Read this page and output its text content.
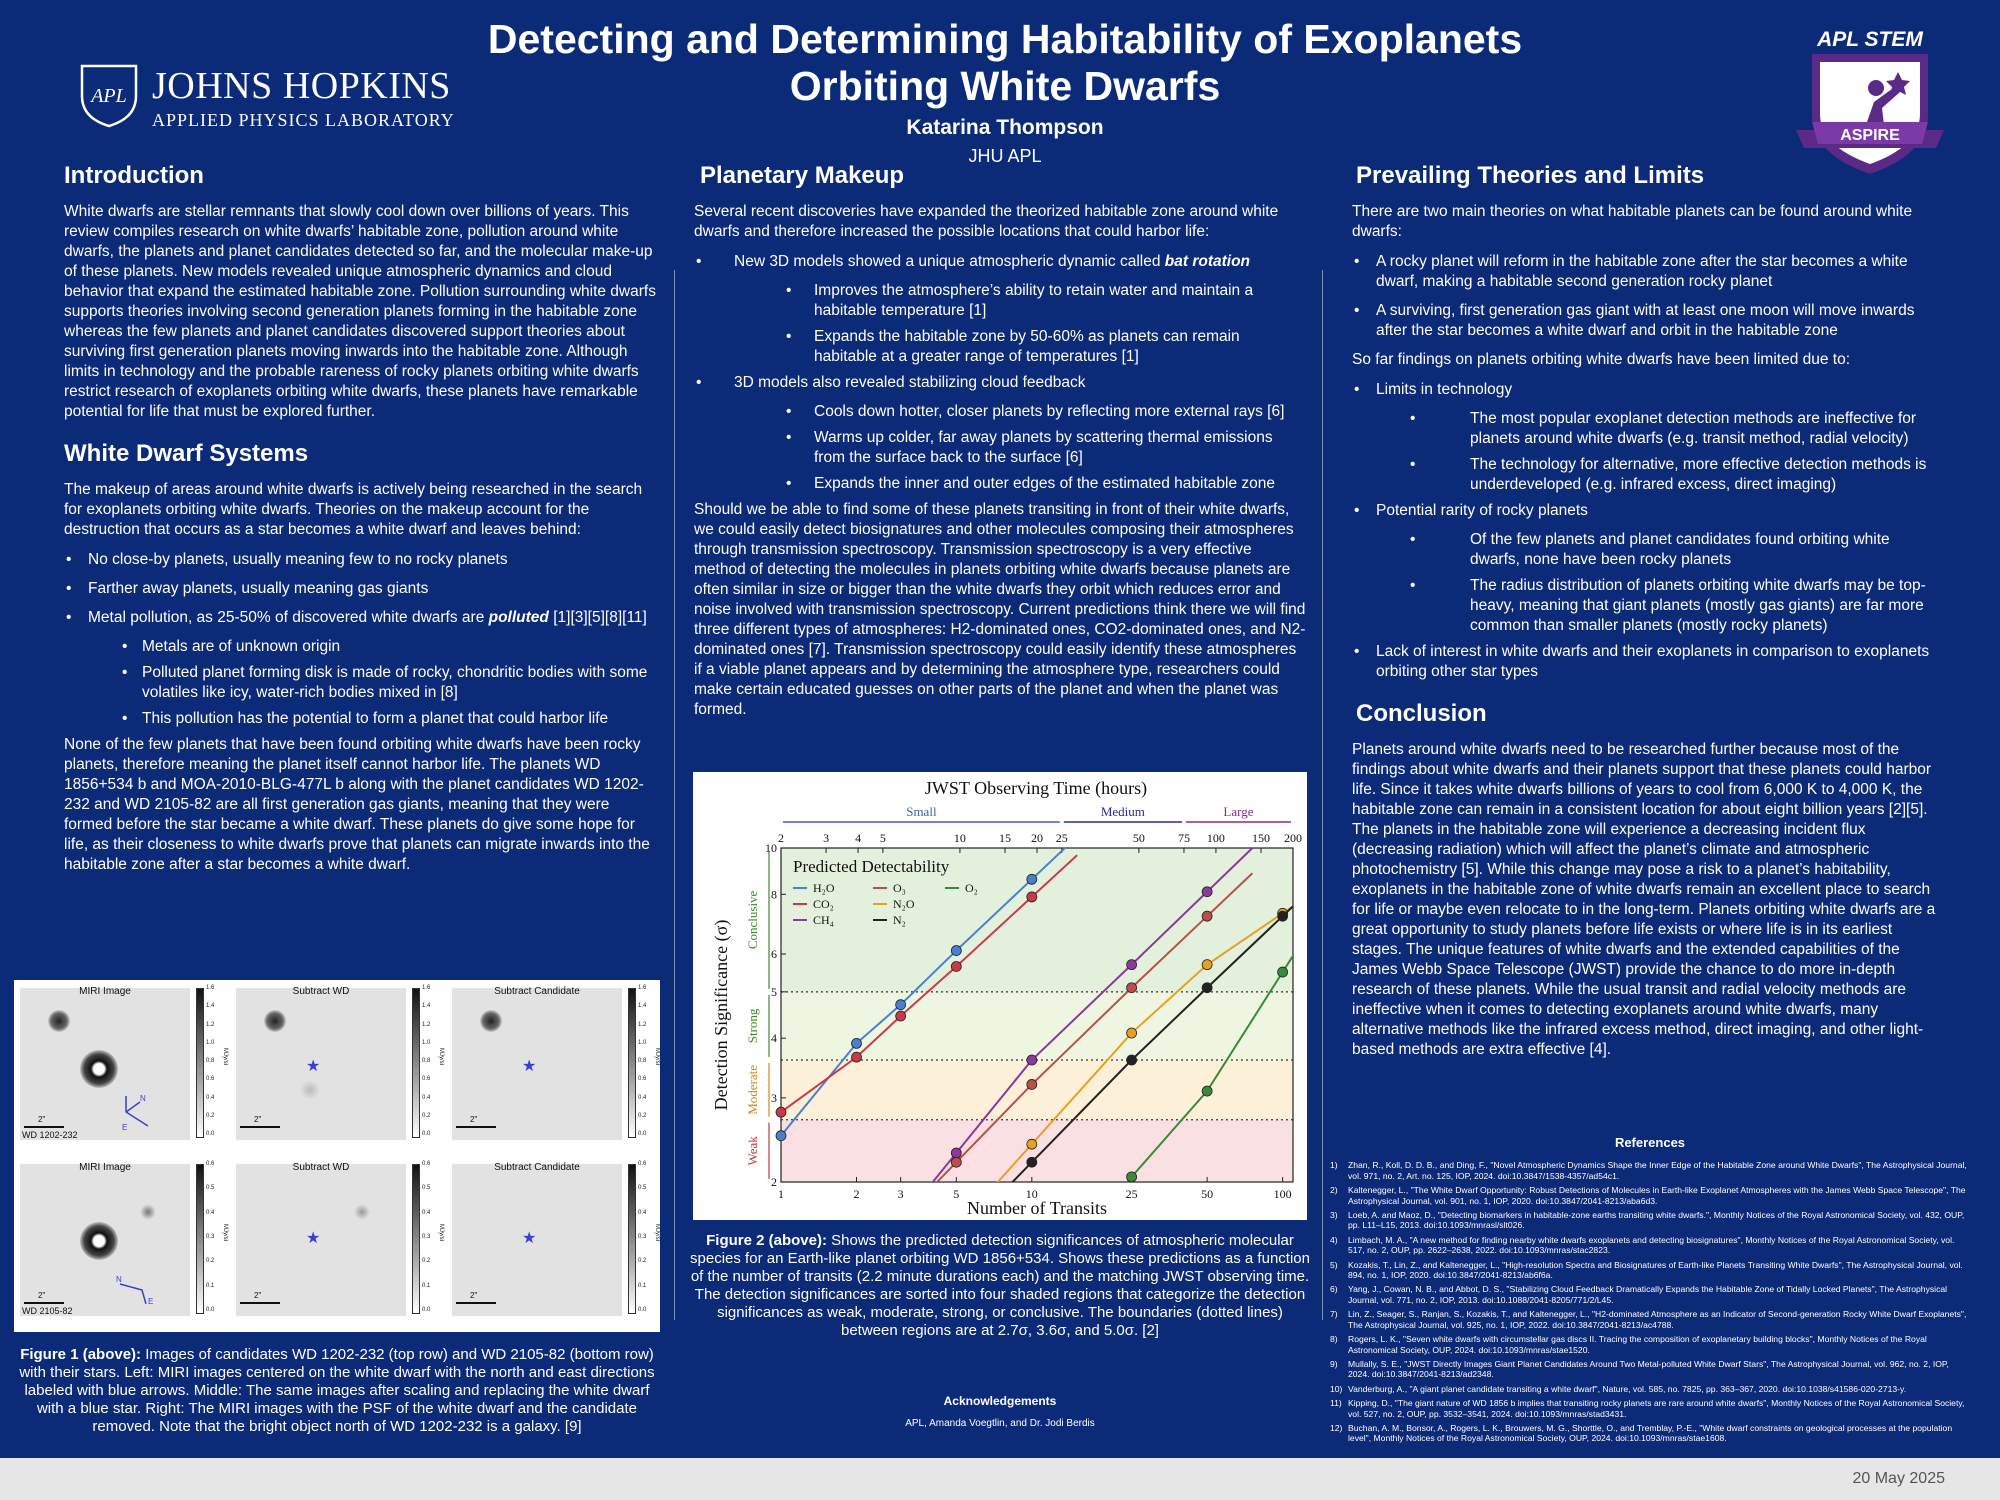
APL JOHNS HOPKINS
APPLIED PHYSICS LABORATORY
Detecting and Determining Habitability of Exoplanets Orbiting White Dwarfs
Katarina Thompson
JHU APL
APL STEM
ASPIRE
Introduction

White dwarfs are stellar remnants that slowly cool down over billions of years. This review compiles research on white dwarfs’ habitable zone, pollution around white dwarfs, the planets and planet candidates detected so far, and the molecular make-up of these planets. New models revealed unique atmospheric dynamics and cloud behavior that expand the estimated habitable zone. Pollution surrounding white dwarfs supports theories involving second generation planets forming in the habitable zone whereas the few planets and planet candidates discovered support theories about surviving first generation planets moving inwards into the habitable zone. Although limits in technology and the probable rareness of rocky planets orbiting white dwarfs restrict research of exoplanets orbiting white dwarfs, these planets have remarkable potential for life that must be explored further.

White Dwarf Systems

The makeup of areas around white dwarfs is actively being researched in the search for exoplanets orbiting white dwarfs. Theories on the makeup account for the destruction that occurs as a star becomes a white dwarf and leaves behind:

• No close-by planets, usually meaning few to no rocky planets
• Farther away planets, usually meaning gas giants
• Metal pollution, as 25-50% of discovered white dwarfs are polluted [1][3][5][8][11]
• Metals are of unknown origin
• Polluted planet forming disk is made of rocky, chondritic bodies with some volatiles like icy, water-rich bodies mixed in [8]
• This pollution has the potential to form a planet that could harbor life

None of the few planets that have been found orbiting white dwarfs have been rocky planets, therefore meaning the planet itself cannot harbor life. The planets WD 1856+534 b and MOA-2010-BLG-477L b along with the planet candidates WD 1202-232 and WD 2105-82 are all first generation gas giants, meaning that they were formed before the star became a white dwarf. These planets do give some hope for life, as their closeness to white dwarfs prove that planets can migrate inwards into the habitable zone after a star becomes a white dwarf.

N
E
MIRI Image
2"
WD 1202-232
★
Subtract WD
2"
★
Subtract Candidate
2"
N
E
MIRI Image
2"
WD 2105-82
★
Subtract WD
2"
★
Subtract Candidate
2"
1.6
1.4
1.2
1.0
0.8
0.6
0.4
0.2
0.0
MJy/sr
0.6
0.5
0.4
0.3
0.2
0.1
0.0
MJy/sr
1.6
1.4
1.2
1.0
0.8
0.6
0.4
0.2
0.0
MJy/sr
0.6
0.5
0.4
0.3
0.2
0.1
0.0
MJy/sr
1.6
1.4
1.2
1.0
0.8
0.6
0.4
0.2
0.0
MJy/sr
0.6
0.5
0.4
0.3
0.2
0.1
0.0
MJy/sr
Figure 1 (above): Images of candidates WD 1202-232 (top row) and WD 2105-82 (bottom row) with their stars. Left: MIRI images centered on the white dwarf with the north and east directions labeled with blue arrows. Middle: The same images after scaling and replacing the white dwarf with a blue star. Right: The MIRI images with the PSF of the white dwarf and the candidate removed. Note that the bright object north of WD 1202-232 is a galaxy. [9]
Planetary Makeup

Several recent discoveries have expanded the theorized habitable zone around white dwarfs and therefore increased the possible locations that could harbor life:

• New 3D models showed a unique atmospheric dynamic called bat rotation
• Improves the atmosphere’s ability to retain water and maintain a habitable temperature [1]
• Expands the habitable zone by 50-60% as planets can remain habitable at a greater range of temperatures [1]
• 3D models also revealed stabilizing cloud feedback
• Cools down hotter, closer planets by reflecting more external rays [6]
• Warms up colder, far away planets by scattering thermal emissions from the surface back to the surface [6]
• Expands the inner and outer edges of the estimated habitable zone

Should we be able to find some of these planets transiting in front of their white dwarfs, we could easily detect biosignatures and other molecules composing their atmospheres through transmission spectroscopy. Transmission spectroscopy is a very effective method of detecting the molecules in planets orbiting white dwarfs because planets are often similar in size or bigger than the white dwarfs they orbit which reduces error and noise involved with transmission spectroscopy. Current predictions think there we will find three different types of atmospheres: H2-dominated ones, CO2-dominated ones, and N2-dominated ones [7]. Transmission spectroscopy could easily identify these atmospheres if a viable planet appears and by determining the atmosphere type, researchers could make certain educated guesses on other parts of the planet and when the planet was formed.

JWST Observing Time (hours)
Small	Medium	Large
2	3 4 5	10	15 20 25	50	75 100 150 200
1	2	3	5	10	25	50	100
2
3
4
5
6
8
10
Number of Transits
Detection Significance (σ)
Weak
Moderate
Strong
Conclusive
Predicted Detectability
H₂O
CO₂
CH₄
O₃
N₂O
N₂
O₂
Figure 2 (above): Shows the predicted detection significances of atmospheric molecular species for an Earth-like planet orbiting WD 1856+534. Shows these predictions as a function of the number of transits (2.2 minute durations each) and the matching JWST observing time. The detection significances are sorted into four shaded regions that categorize the detection significances as weak, moderate, strong, or conclusive. The boundaries (dotted lines) between regions are at 2.7σ, 3.6σ, and 5.0σ. [2]
Acknowledgements
APL, Amanda Voegtlin, and Dr. Jodi Berdis
Prevailing Theories and Limits

There are two main theories on what habitable planets can be found around white dwarfs:

• A rocky planet will reform in the habitable zone after the star becomes a white dwarf, making a habitable second generation rocky planet
• A surviving, first generation gas giant with at least one moon will move inwards after the star becomes a white dwarf and orbit in the habitable zone

So far findings on planets orbiting white dwarfs have been limited due to:

• Limits in technology
• The most popular exoplanet detection methods are ineffective for planets around white dwarfs (e.g. transit method, radial velocity)
• The technology for alternative, more effective detection methods is underdeveloped (e.g. infrared excess, direct imaging)
• Potential rarity of rocky planets
• Of the few planets and planet candidates found orbiting white dwarfs, none have been rocky planets
• The radius distribution of planets orbiting white dwarfs may be top-heavy, meaning that giant planets (mostly gas giants) are far more common than smaller planets (mostly rocky planets)
• Lack of interest in white dwarfs and their exoplanets in comparison to exoplanets orbiting other star types
Conclusion

Planets around white dwarfs need to be researched further because most of the findings about white dwarfs and their planets support that these planets could harbor life. Since it takes white dwarfs billions of years to cool from 6,000 K to 4,000 K, the habitable zone can remain in a consistent location for about eight billion years [2][5]. The planets in the habitable zone will experience a decreasing incident flux (decreasing radiation) which will affect the planet’s climate and atmospheric photochemistry [5]. While this change may pose a risk to a planet’s habitability, exoplanets in the habitable zone of white dwarfs remain an excellent place to search for life or maybe even relocate to in the long-term. Planets orbiting white dwarfs are a great opportunity to study planets before life exists or where life is in its earliest stages. The unique features of white dwarfs and the extended capabilities of the James Webb Space Telescope (JWST) provide the chance to do more in-depth research of these planets. While the usual transit and radial velocity methods are ineffective when it comes to detecting exoplanets around white dwarfs, many alternative methods like the infrared excess method, direct imaging, and other light-based methods are extra effective [4].

References
1)	Zhan, R., Koll, D. D. B., and Ding, F., "Novel Atmospheric Dynamics Shape the Inner Edge of the Habitable Zone around White Dwarfs", The Astrophysical Journal, vol. 971, no. 2, Art. no. 125, IOP, 2024. doi:10.3847/1538-4357/ad54c1.
2)	Kaltenegger, L., "The White Dwarf Opportunity: Robust Detections of Molecules in Earth-like Exoplanet Atmospheres with the James Webb Space Telescope", The Astrophysical Journal, vol. 901, no. 1, IOP, 2020. doi:10.3847/2041-8213/aba6d3.
3)	Loeb, A. and Maoz, D., "Detecting biomarkers in habitable-zone earths transiting white dwarfs.", Monthly Notices of the Royal Astronomical Society, vol. 432, OUP, pp. L11–L15, 2013. doi:10.1093/mnrasl/slt026.
4)	Limbach, M. A., "A new method for finding nearby white dwarfs exoplanets and detecting biosignatures", Monthly Notices of the Royal Astronomical Society, vol. 517, no. 2, OUP, pp. 2622–2638, 2022. doi:10.1093/mnras/stac2823.
5)	Kozakis, T., Lin, Z., and Kaltenegger, L., "High-resolution Spectra and Biosignatures of Earth-like Planets Transiting White Dwarfs", The Astrophysical Journal, vol. 894, no. 1, IOP, 2020. doi:10.3847/2041-8213/ab6f6a.
6)	Yang, J., Cowan, N. B., and Abbot, D. S., "Stabilizing Cloud Feedback Dramatically Expands the Habitable Zone of Tidally Locked Planets", The Astrophysical Journal, vol. 771, no. 2, IOP, 2013. doi:10.1088/2041-8205/771/2/L45.
7)	Lin, Z., Seager, S., Ranjan, S., Kozakis, T., and Kaltenegger, L., "H2-dominated Atmosphere as an Indicator of Second-generation Rocky White Dwarf Exoplanets", The Astrophysical Journal, vol. 925, no. 1, IOP, 2022. doi:10.3847/2041-8213/ac4788.
8)	Rogers, L. K., "Seven white dwarfs with circumstellar gas discs II. Tracing the composition of exoplanetary building blocks", Monthly Notices of the Royal Astronomical Society, OUP, 2024. doi:10.1093/mnras/stae1520.
9)	Mullally, S. E., "JWST Directly Images Giant Planet Candidates Around Two Metal-polluted White Dwarf Stars", The Astrophysical Journal, vol. 962, no. 2, IOP, 2024. doi:10.3847/2041-8213/ad2348.
10) Vanderburg, A., "A giant planet candidate transiting a white dwarf", Nature, vol. 585, no. 7825, pp. 363–367, 2020. doi:10.1038/s41586-020-2713-y.
11) Kipping, D., "The giant nature of WD 1856 b implies that transiting rocky planets are rare around white dwarfs", Monthly Notices of the Royal Astronomical Society, vol. 527, no. 2, OUP, pp. 3532–3541, 2024. doi:10.1093/mnras/stad3431.
12) Buchan, A. M., Bonsor, A., Rogers, L. K., Brouwers, M. G., Shorttle, O., and Tremblay, P.-E., "White dwarf constraints on geological processes at the population level", Monthly Notices of the Royal Astronomical Society, OUP, 2024. doi:10.1093/mnras/stae1608.
20 May 2025
